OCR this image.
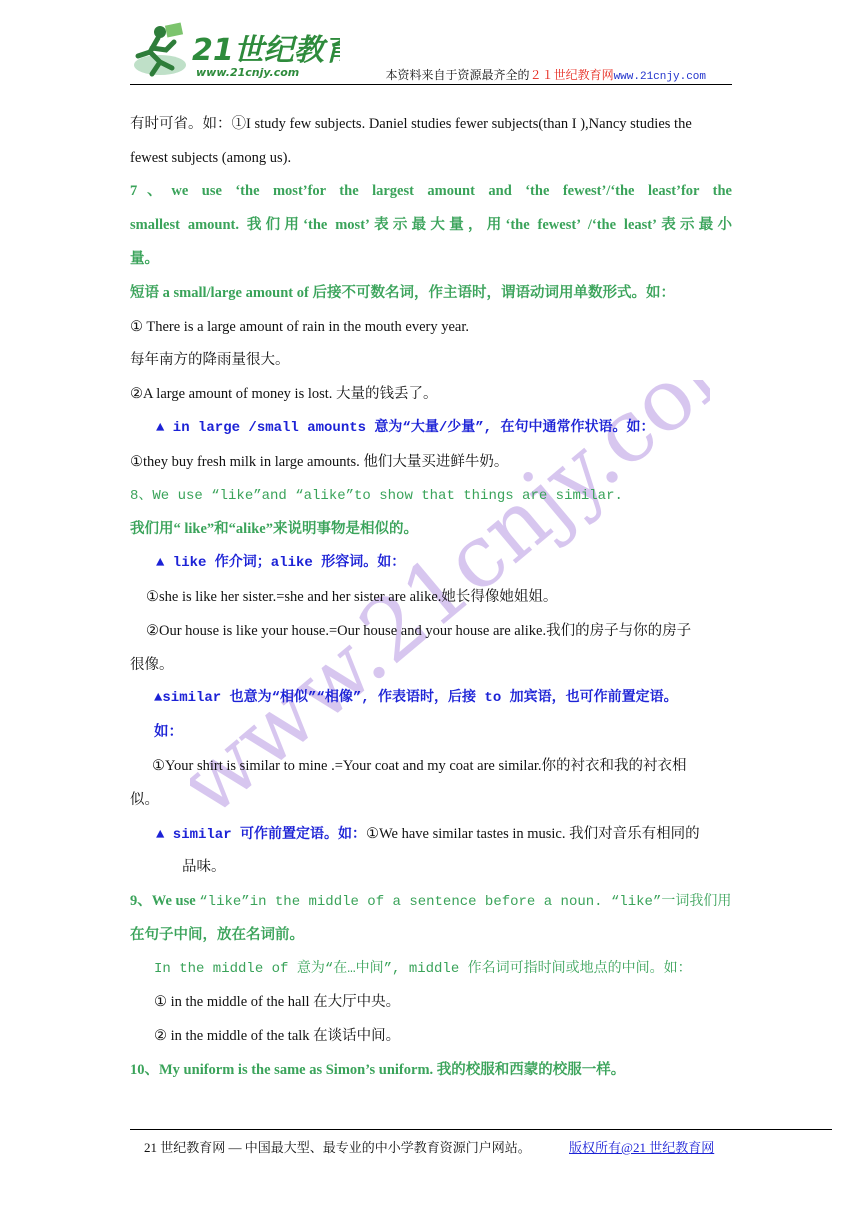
21世纪教育
www.21cnjy.com	本资料来自于资源最齐全的２１世纪教育网www.21cnjy.com
www.21cnjy.com
有时可省。如：①I study few subjects. Daniel studies fewer subjects(than I ),Nancy studies the
fewest subjects (among us).
7、we use ‘the most’for the largest amount and ‘the fewest’/‘the least’for the
smallest amount. 我们用‘the most’表示最大量，用‘the fewest’ /‘the least’表示最小
量。
短语 a small/large amount of 后接不可数名词，作主语时，谓语动词用单数形式。如：
① There is a large amount of rain in the mouth every year.
每年南方的降雨量很大。
②A large amount of money is lost. 大量的钱丢了。
▲ in large /small amounts 意为“大量/少量”, 在句中通常作状语。如：
①they buy fresh milk in large amounts. 他们大量买进鲜牛奶。
8、We use “like”and “alike”to show that things are similar.
我们用“ like”和“alike”来说明事物是相似的。
▲ like 作介词；alike 形容词。如：
①she is like her sister.=she and her sister are alike.她长得像她姐姐。
②Our house is like your house.=Our house and your house are alike.我们的房子与你的房子
很像。
▲similar 也意为“相似”“相像”, 作表语时，后接 to 加宾语，也可作前置定语。
如：
①Your shirt is similar to mine .=Your coat and my coat are similar.你的衬衣和我的衬衣相
似。
▲ similar 可作前置定语。如：①We have similar tastes in music. 我们对音乐有相同的
品味。
9、We use “like”in the middle of a sentence before a noun. “like”一词我们用
在句子中间，放在名词前。
In the middle of 意为“在…中间”, middle 作名词可指时间或地点的中间。如：
① in the middle of the hall 在大厅中央。
② in the middle of the talk 在谈话中间。
10、My uniform is the same as Simon’s uniform. 我的校服和西蒙的校服一样。
21 世纪教育网 — 中国最大型、最专业的中小学教育资源门户网站。	版权所有@21 世纪教育网
